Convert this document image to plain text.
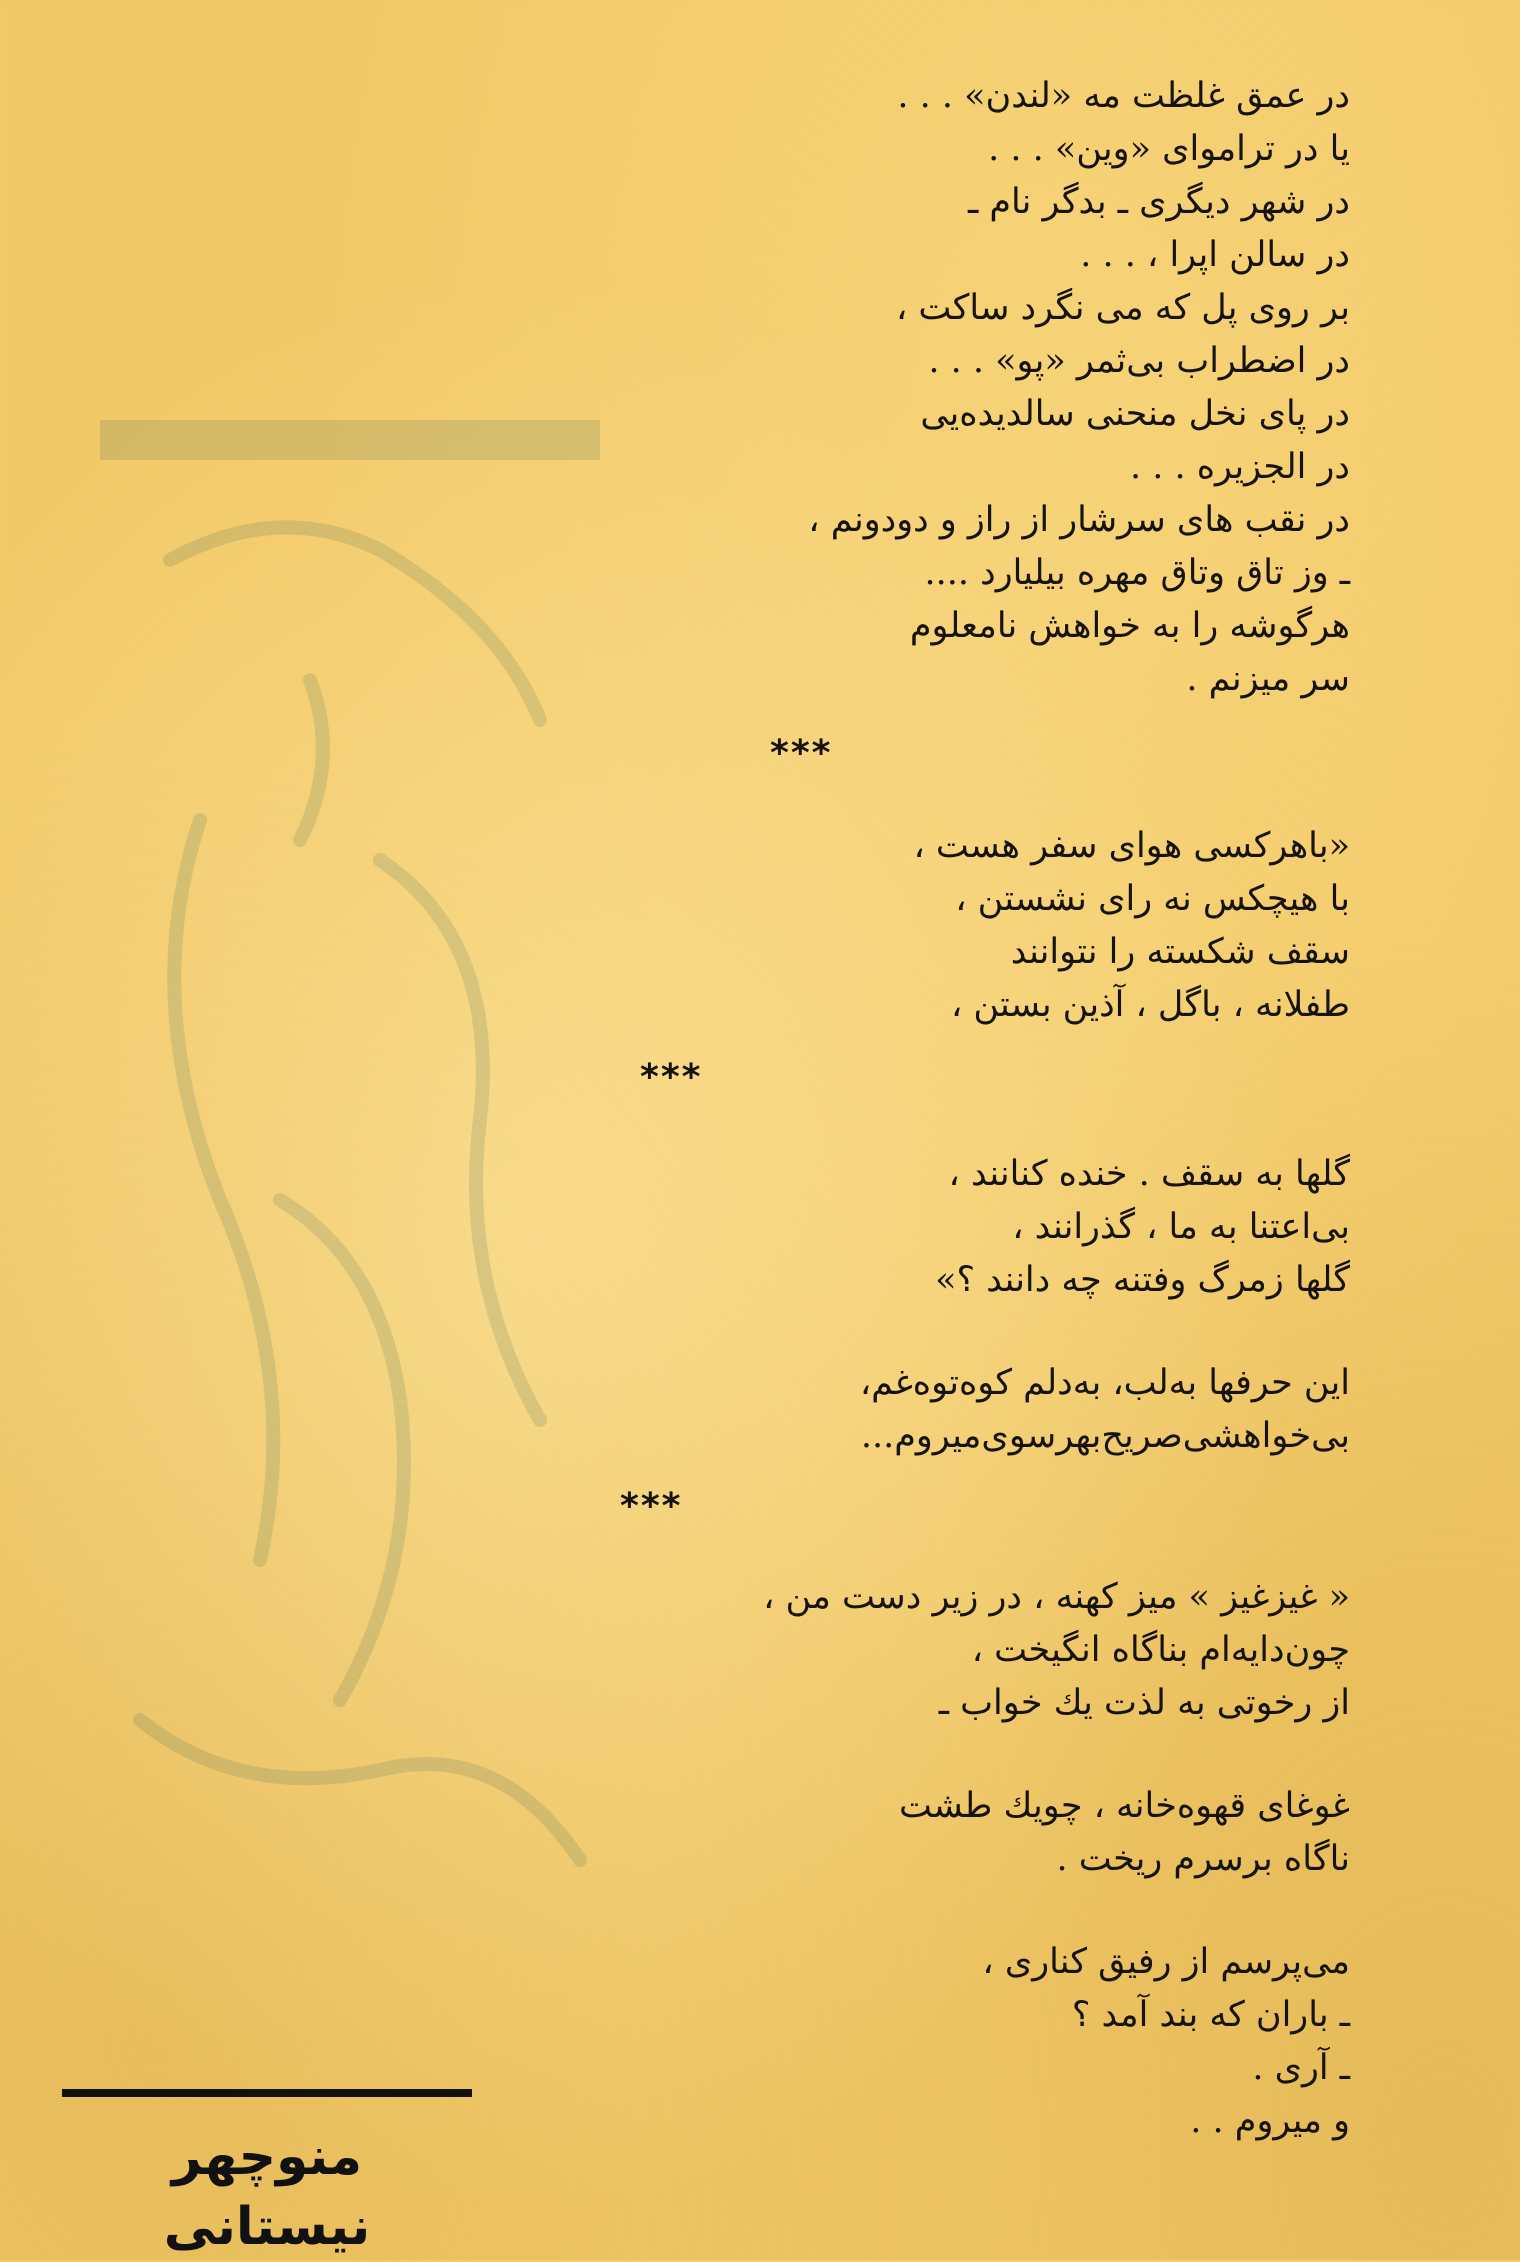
در عمق غلظت مه «لندن» . . .
یا در تراموای «وین» . . .
در شهر دیگری ـ بدگر نام ـ
در سالن اپرا ، . . .
بر روی پل که می نگرد ساکت ،
در اضطراب بی‌ثمر «پو» . . .
در پای نخل منحنی سالدیده‌یی
در الجزیره . . .
در نقب های سرشار از راز و دودونم ،
ـ وز تاق وتاق مهره بیلیارد ....
هرگوشه را به خواهش نامعلوم
سر میزنم .
***
«باهرکسی هوای سفر هست ،
با هیچکس نه رای نشستن ،
سقف شکسته را نتوانند
طفلانه ، باگل ، آذین بستن ،
***
گلها به سقف . خنده کنانند ،
بی‌اعتنا به ما ، گذرانند ،
گلها زمرگ وفتنه چه دانند ؟»
این حرفها به‌لب، به‌دلم کوه‌توه‌غم،
بی‌خواهشی‌صریح‌بهرسوی‌میروم...
***
« غیزغیز » میز کهنه ، در زیر دست من ،
چون‌دایه‌ام بناگاه انگیخت ،
از رخوتی به لذت یك خواب ـ
غوغای قهوه‌خانه ، چویك طشت
ناگاه برسرم ریخت .
می‌پرسم از رفیق کناری ،
ـ باران که بند آمد ؟
ـ آری .
و میروم . .
منوچهر نیستانی
